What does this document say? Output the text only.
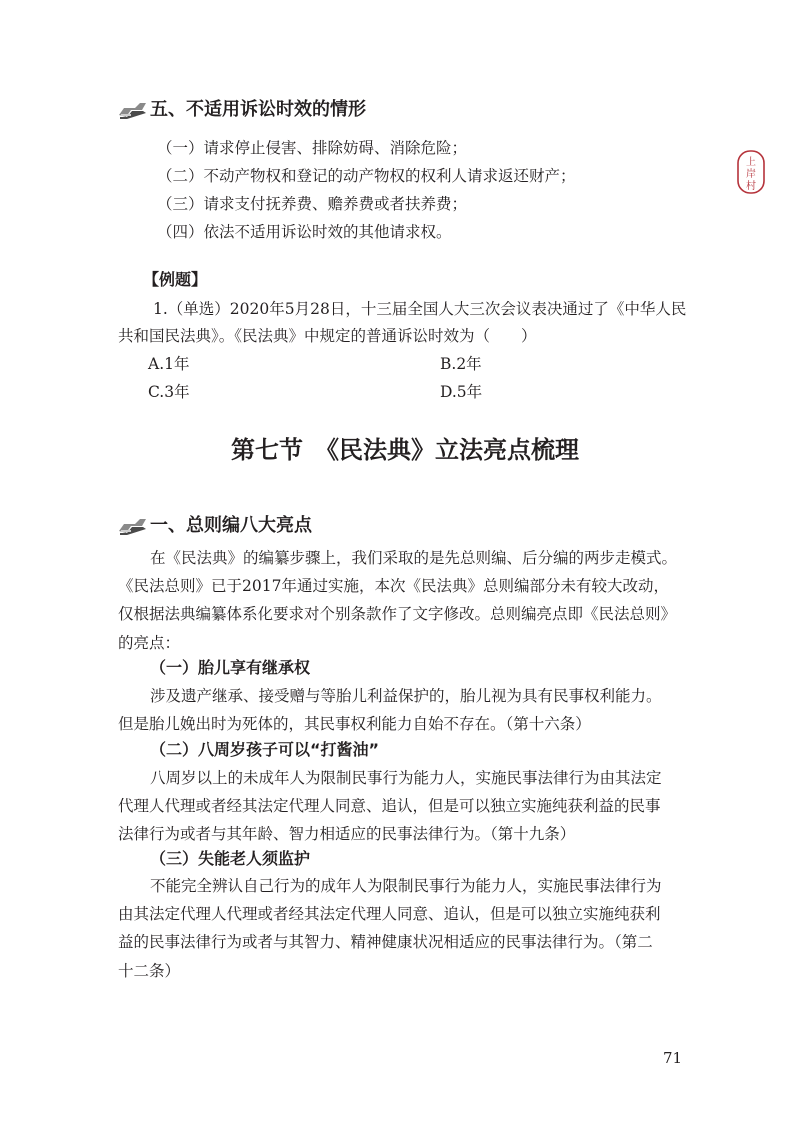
上
岸
村
五、不适用诉讼时效的情形
（一）请求停止侵害、排除妨碍、消除危险；
（二）不动产物权和登记的动产物权的权利人请求返还财产；
（三）请求支付抚养费、赡养费或者扶养费；
（四）依法不适用诉讼时效的其他请求权。
【例题】
1.（单选）2020年5月28日，十三届全国人大三次会议表决通过了《中华人民
共和国民法典》。《民法典》中规定的普通诉讼时效为（　　）
A.1年	B.2年
C.3年	D.5年
第七节　《民法典》立法亮点梳理
一、总则编八大亮点
在《民法典》的编纂步骤上，我们采取的是先总则编、后分编的两步走模式。
《民法总则》已于2017年通过实施，本次《民法典》总则编部分未有较大改动，
仅根据法典编纂体系化要求对个别条款作了文字修改。总则编亮点即《民法总则》
的亮点：
（一）胎儿享有继承权
涉及遗产继承、接受赠与等胎儿利益保护的，胎儿视为具有民事权利能力。
但是胎儿娩出时为死体的，其民事权利能力自始不存在。（第十六条）
（二）八周岁孩子可以“打酱油”
八周岁以上的未成年人为限制民事行为能力人，实施民事法律行为由其法定
代理人代理或者经其法定代理人同意、追认，但是可以独立实施纯获利益的民事
法律行为或者与其年龄、智力相适应的民事法律行为。（第十九条）
（三）失能老人须监护
不能完全辨认自己行为的成年人为限制民事行为能力人，实施民事法律行为
由其法定代理人代理或者经其法定代理人同意、追认，但是可以独立实施纯获利
益的民事法律行为或者与其智力、精神健康状况相适应的民事法律行为。（第二
十二条）
71
